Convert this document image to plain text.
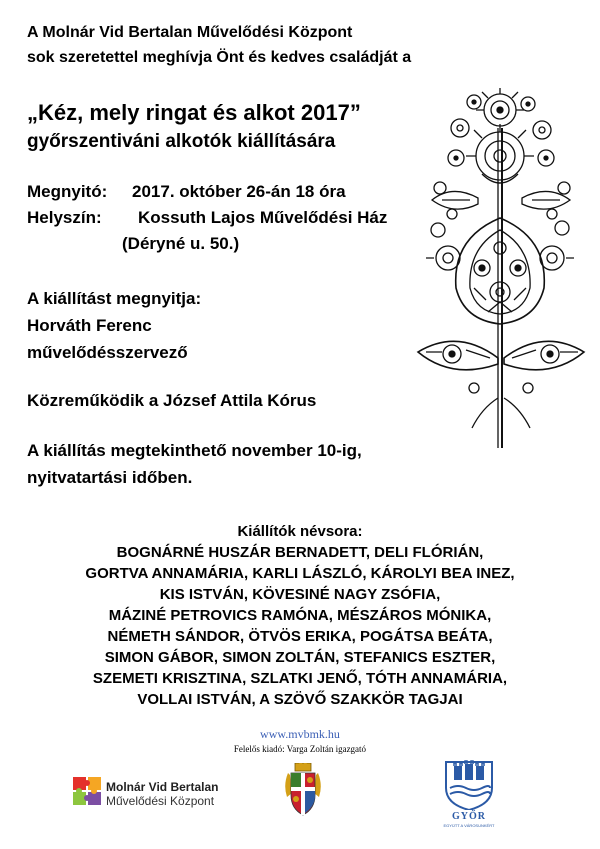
A Molnár Vid Bertalan Művelődési Központ
sok szeretettel meghívja Önt és kedves családját a
„Kéz, mely ringat és alkot 2017”
győrszentiváni alkotók kiállítására
Megnyitó: 2017. október 26-án 18 óra
Helyszín: Kossuth Lajos Művelődési Ház
(Déryné u. 50.)
A kiállítást megnyitja:
Horváth Ferenc
művelődésszervező
Közreműködik a József Attila Kórus
A kiállítás megtekinthető november 10-ig,
nyitvatartási időben.
Kiállítók névsora:
BOGNÁRNÉ HUSZÁR BERNADETT, DELI FLÓRIÁN,
GORTVA ANNAMÁRIA, KARLI LÁSZLÓ, KÁROLYI BEA INEZ,
KIS ISTVÁN, KÖVESINÉ NAGY ZSÓFIA,
MÁZINÉ PETROVICS RAMÓNA, MÉSZÁROS MÓNIKA,
NÉMETH SÁNDOR, ÖTVÖS ERIKA, POGÁTSA BEÁTA,
SIMON GÁBOR, SIMON ZOLTÁN, STEFANICS ESZTER,
SZEMETI KRISZTINA, SZLATKI JENŐ, TÓTH ANNAMÁRIA,
VOLLAI ISTVÁN, A SZÖVŐ SZAKKÖR TAGJAI
www.mvbmk.hu
Felelős kiadó: Varga Zoltán igazgató
Molnár Vid Bertalan
Művelődési Központ
GYŐR
EGYÜTT A VÁROSUNKÉRT
